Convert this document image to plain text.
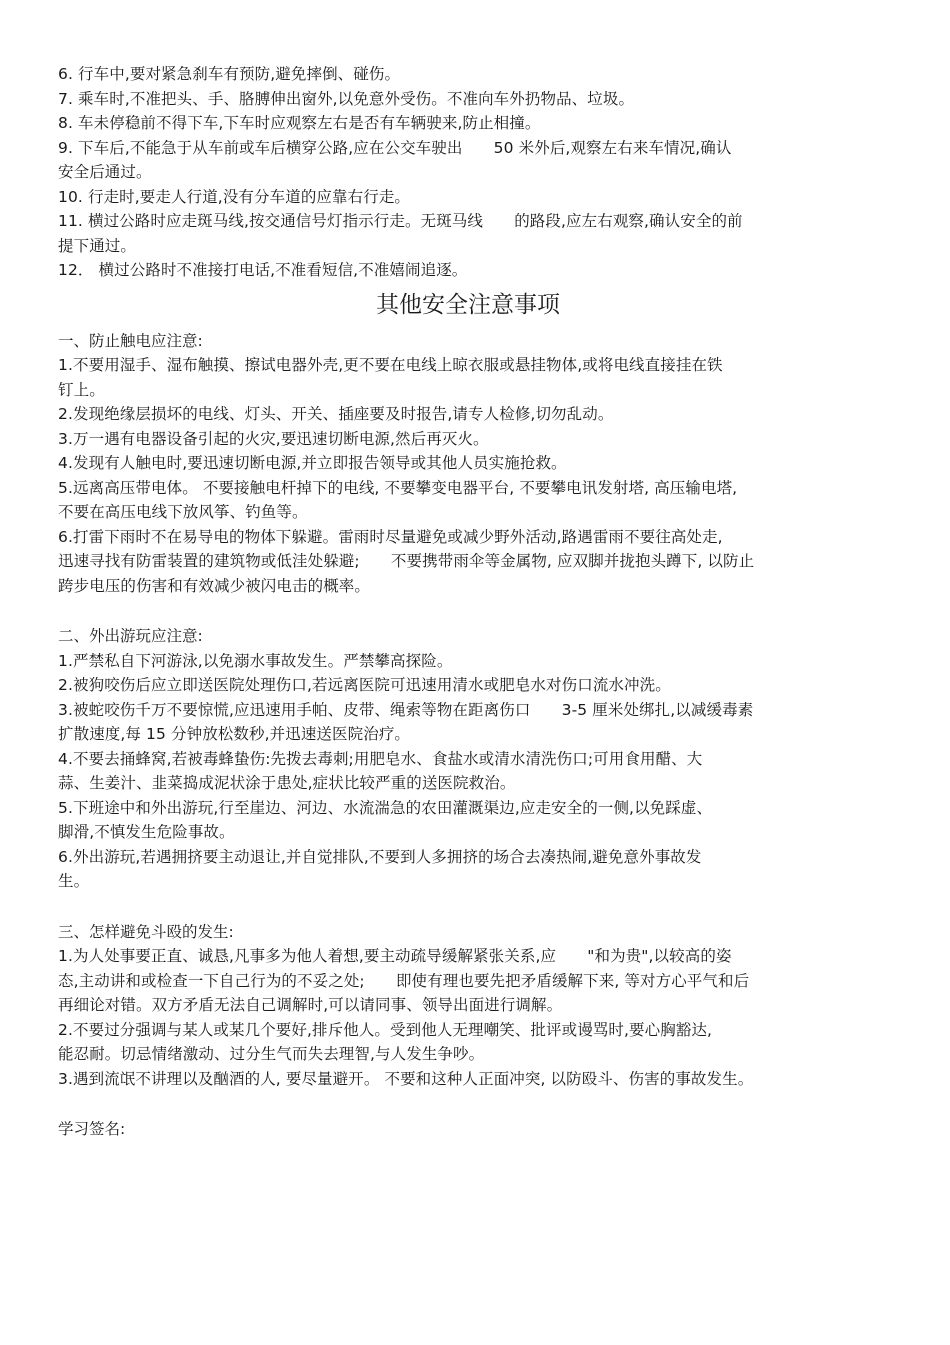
6. 行车中,要对紧急刹车有预防,避免摔倒、碰伤。
7. 乘车时,不准把头、手、胳膊伸出窗外,以免意外受伤。不准向车外扔物品、垃圾。
8. 车未停稳前不得下车,下车时应观察左右是否有车辆驶来,防止相撞。
9. 下车后,不能急于从车前或车后横穿公路,应在公交车驶出　　50 米外后,观察左右来车情况,确认
安全后通过。
10. 行走时,要走人行道,没有分车道的应靠右行走。
11. 横过公路时应走斑马线,按交通信号灯指示行走。无斑马线　　的路段,应左右观察,确认安全的前
提下通过。
12． 横过公路时不准接打电话,不准看短信,不准嬉闹追逐。
其他安全注意事项
一、防止触电应注意:
1.不要用湿手、湿布触摸、擦试电器外壳,更不要在电线上晾衣服或悬挂物体,或将电线直接挂在铁
钉上。
2.发现绝缘层损坏的电线、灯头、开关、插座要及时报告,请专人检修,切勿乱动。
3.万一遇有电器设备引起的火灾,要迅速切断电源,然后再灭火。
4.发现有人触电时,要迅速切断电源,并立即报告领导或其他人员实施抢救。
5.远离高压带电体。 不要接触电杆掉下的电线, 不要攀变电器平台, 不要攀电讯发射塔, 高压输电塔,
不要在高压电线下放风筝、钓鱼等。
6.打雷下雨时不在易导电的物体下躲避。雷雨时尽量避免或减少野外活动,路遇雷雨不要往高处走,
迅速寻找有防雷装置的建筑物或低洼处躲避;　　不要携带雨伞等金属物, 应双脚并拢抱头蹲下, 以防止
跨步电压的伤害和有效减少被闪电击的概率。
二、外出游玩应注意:
1.严禁私自下河游泳,以免溺水事故发生。严禁攀高探险。
2.被狗咬伤后应立即送医院处理伤口,若远离医院可迅速用清水或肥皂水对伤口流水冲洗。
3.被蛇咬伤千万不要惊慌,应迅速用手帕、皮带、绳索等物在距离伤口　　3-5 厘米处绑扎,以减缓毒素
扩散速度,每 15 分钟放松数秒,并迅速送医院治疗。
4.不要去捅蜂窝,若被毒蜂蛰伤:先拨去毒刺;用肥皂水、食盐水或清水清洗伤口;可用食用醋、大
蒜、生姜汁、韭菜捣成泥状涂于患处,症状比较严重的送医院救治。
5.下班途中和外出游玩,行至崖边、河边、水流湍急的农田灌溉渠边,应走安全的一侧,以免踩虚、
脚滑,不慎发生危险事故。
6.外出游玩,若遇拥挤要主动退让,并自觉排队,不要到人多拥挤的场合去凑热闹,避免意外事故发
生。
三、怎样避免斗殴的发生:
1.为人处事要正直、诚恳,凡事多为他人着想,要主动疏导缓解紧张关系,应　　"和为贵",以较高的姿
态,主动讲和或检查一下自己行为的不妥之处;　　即使有理也要先把矛盾缓解下来, 等对方心平气和后
再细论对错。双方矛盾无法自己调解时,可以请同事、领导出面进行调解。
2.不要过分强调与某人或某几个要好,排斥他人。受到他人无理嘲笑、批评或谩骂时,要心胸豁达,
能忍耐。切忌情绪激动、过分生气而失去理智,与人发生争吵。
3.遇到流氓不讲理以及酗酒的人, 要尽量避开。 不要和这种人正面冲突, 以防殴斗、伤害的事故发生。
学习签名:
